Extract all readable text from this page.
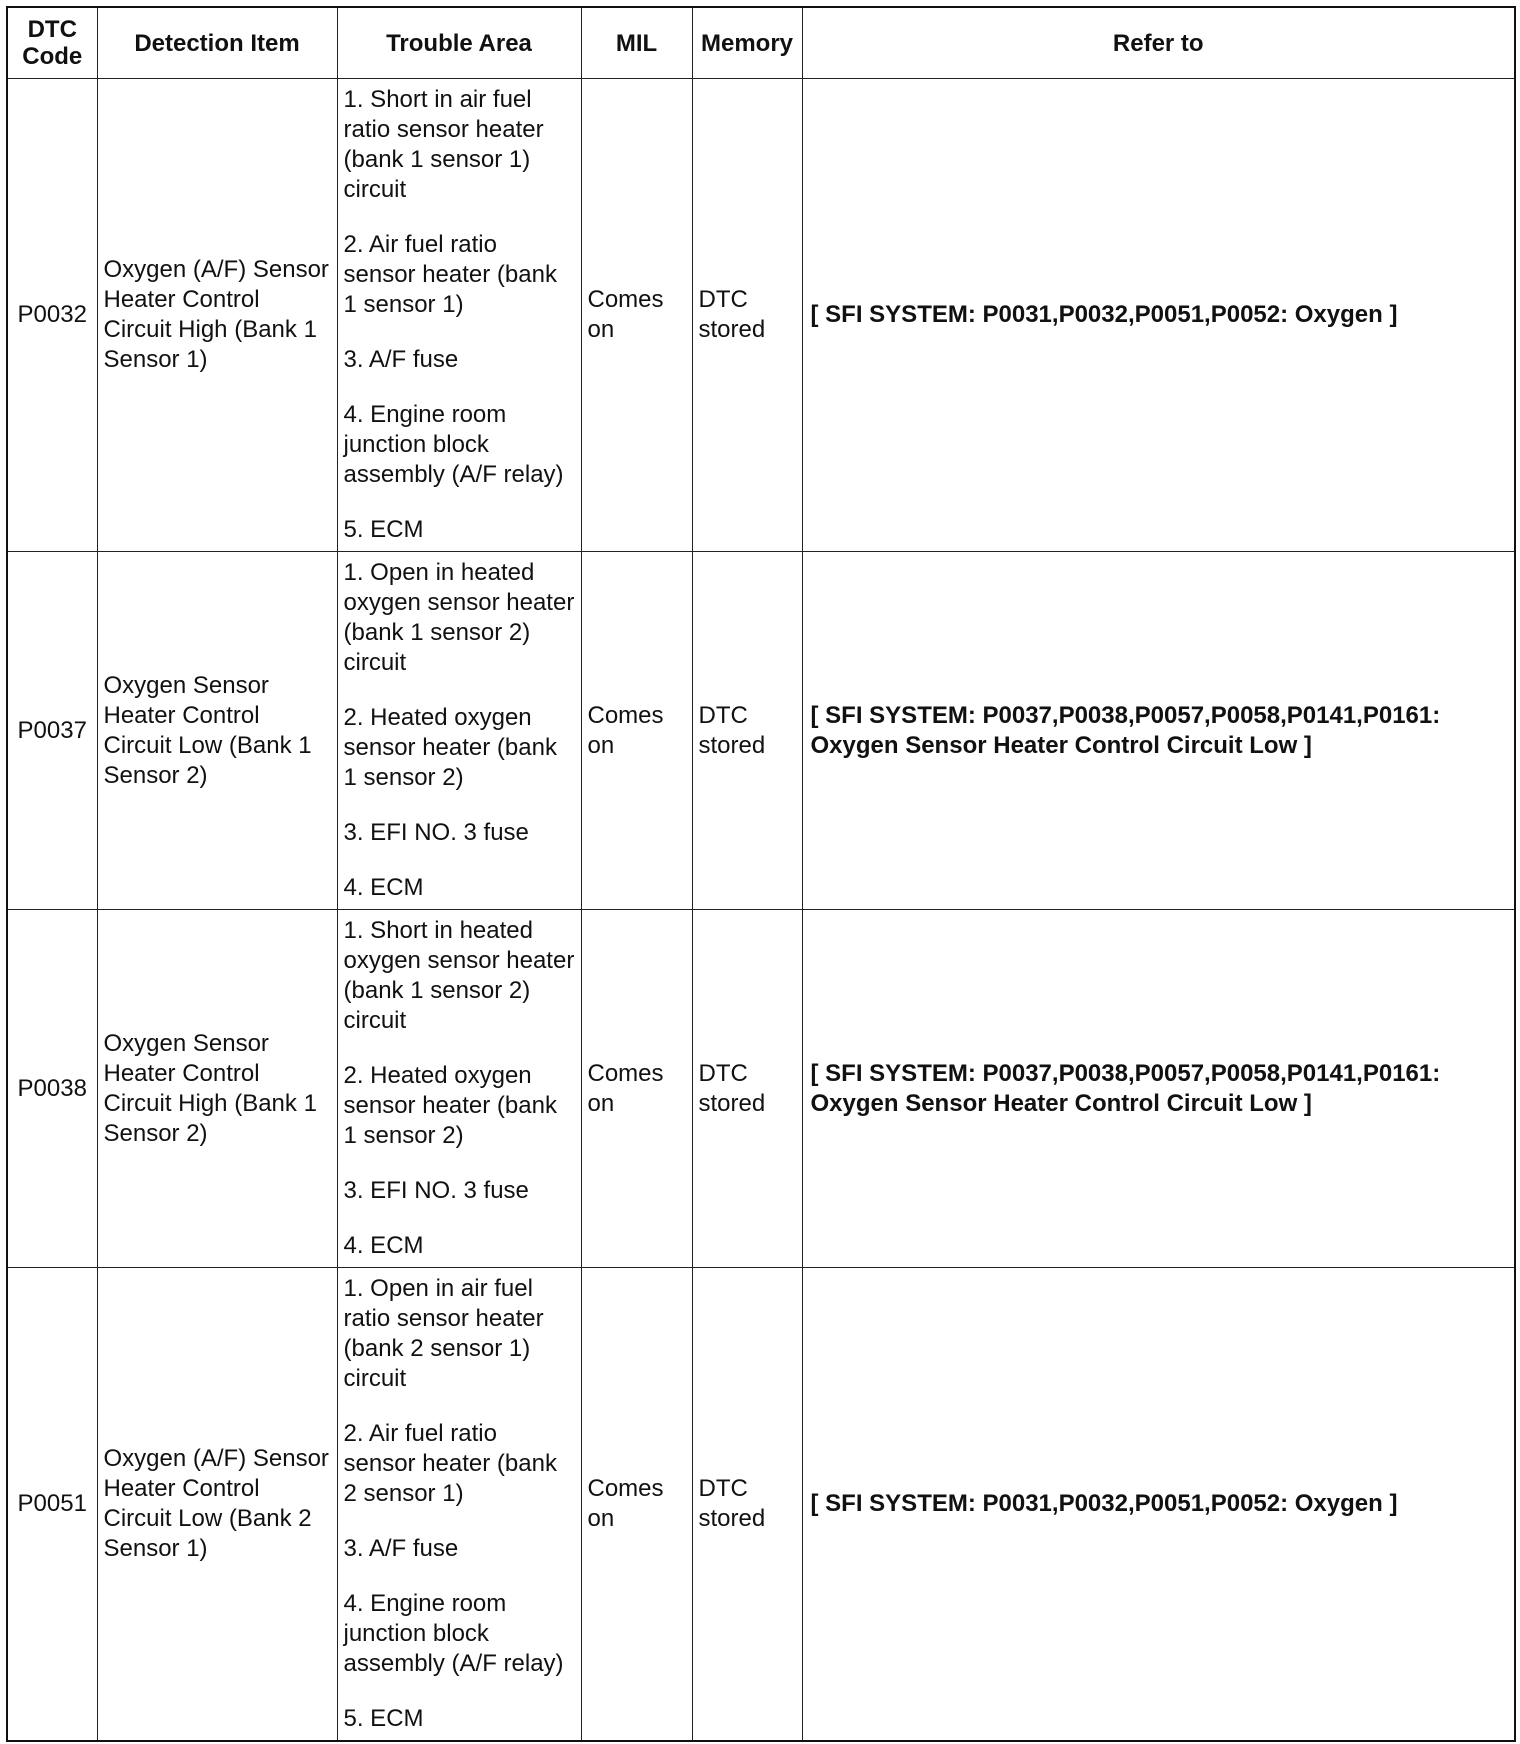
DTC Code	Detection Item	Trouble Area	MIL	Memory	Refer to

P0032	Oxygen (A/F) Sensor Heater Control Circuit High (Bank 1 Sensor 1)	1. Short in air fuel ratio sensor heater (bank 1 sensor 1) circuit
2. Air fuel ratio sensor heater (bank 1 sensor 1)
3. A/F fuse
4. Engine room junction block assembly (A/F relay)
5. ECM	Comes on	DTC stored	[ SFI SYSTEM: P0031,P0032,P0051,P0052: Oxygen ]

P0037	Oxygen Sensor Heater Control Circuit Low (Bank 1 Sensor 2)	1. Open in heated oxygen sensor heater (bank 1 sensor 2) circuit
2. Heated oxygen sensor heater (bank 1 sensor 2)
3. EFI NO. 3 fuse
4. ECM	Comes on	DTC stored	[ SFI SYSTEM: P0037,P0038,P0057,P0058,P0141,P0161: Oxygen Sensor Heater Control Circuit Low ]

P0038	Oxygen Sensor Heater Control Circuit High (Bank 1 Sensor 2)	1. Short in heated oxygen sensor heater (bank 1 sensor 2) circuit
2. Heated oxygen sensor heater (bank 1 sensor 2)
3. EFI NO. 3 fuse
4. ECM	Comes on	DTC stored	[ SFI SYSTEM: P0037,P0038,P0057,P0058,P0141,P0161: Oxygen Sensor Heater Control Circuit Low ]

P0051	Oxygen (A/F) Sensor Heater Control Circuit Low (Bank 2 Sensor 1)	1. Open in air fuel ratio sensor heater (bank 2 sensor 1) circuit
2. Air fuel ratio sensor heater (bank 2 sensor 1)
3. A/F fuse
4. Engine room junction block assembly (A/F relay)
5. ECM	Comes on	DTC stored	[ SFI SYSTEM: P0031,P0032,P0051,P0052: Oxygen ]
